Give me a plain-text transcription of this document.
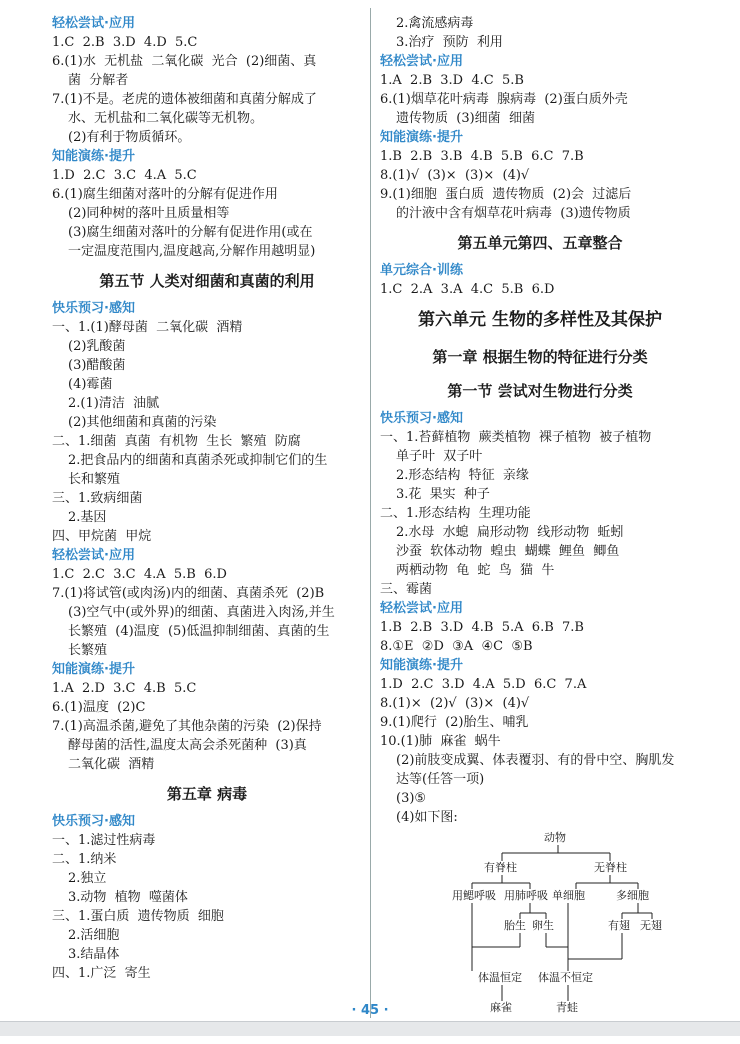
轻松尝试·应用
1.C  2.B  3.D  4.D  5.C
6.(1)水  无机盐  二氧化碳  光合  (2)细菌、真
菌  分解者
7.(1)不是。老虎的遗体被细菌和真菌分解成了
水、无机盐和二氧化碳等无机物。
(2)有利于物质循环。
知能演练·提升
1.D  2.C  3.C  4.A  5.C
6.(1)腐生细菌对落叶的分解有促进作用
(2)同种树的落叶且质量相等
(3)腐生细菌对落叶的分解有促进作用(或在
一定温度范围内,温度越高,分解作用越明显)
第五节 人类对细菌和真菌的利用
快乐预习·感知
一、1.(1)酵母菌  二氧化碳  酒精
(2)乳酸菌
(3)醋酸菌
(4)霉菌
2.(1)清洁  油腻
(2)其他细菌和真菌的污染
二、1.细菌  真菌  有机物  生长  繁殖  防腐
2.把食品内的细菌和真菌杀死或抑制它们的生
长和繁殖
三、1.致病细菌
2.基因
四、甲烷菌  甲烷
轻松尝试·应用
1.C  2.C  3.C  4.A  5.B  6.D
7.(1)将试管(或肉汤)内的细菌、真菌杀死  (2)B
(3)空气中(或外界)的细菌、真菌进入肉汤,并生
长繁殖  (4)温度  (5)低温抑制细菌、真菌的生
长繁殖
知能演练·提升
1.A  2.D  3.C  4.B  5.C
6.(1)温度  (2)C
7.(1)高温杀菌,避免了其他杂菌的污染  (2)保持
酵母菌的活性,温度太高会杀死菌种  (3)真
二氧化碳  酒精
第五章 病毒
快乐预习·感知
一、1.滤过性病毒
二、1.纳米
2.独立
3.动物  植物  噬菌体
三、1.蛋白质  遗传物质  细胞
2.活细胞
3.结晶体
四、1.广泛  寄生
2.禽流感病毒
3.治疗  预防  利用
轻松尝试·应用
1.A  2.B  3.D  4.C  5.B
6.(1)烟草花叶病毒  腺病毒  (2)蛋白质外壳
遗传物质  (3)细菌  细菌
知能演练·提升
1.B  2.B  3.B  4.B  5.B  6.C  7.B
8.(1)√  (3)×  (3)×  (4)√
9.(1)细胞  蛋白质  遗传物质  (2)会  过滤后
的汁液中含有烟草花叶病毒  (3)遗传物质
第五单元第四、五章整合
单元综合·训练
1.C  2.A  3.A  4.C  5.B  6.D
第六单元 生物的多样性及其保护
第一章 根据生物的特征进行分类
第一节 尝试对生物进行分类
快乐预习·感知
一、1.苔藓植物  蕨类植物  裸子植物  被子植物
单子叶  双子叶
2.形态结构  特征  亲缘
3.花  果实  种子
二、1.形态结构  生理功能
2.水母  水螅  扁形动物  线形动物  蚯蚓
沙蚕  软体动物  蝗虫  蝴蝶  鲤鱼  鲫鱼
两栖动物  龟  蛇  鸟  猫  牛
三、霉菌
轻松尝试·应用
1.B  2.B  3.D  4.B  5.A  6.B  7.B
8.①E  ②D  ③A  ④C  ⑤B
知能演练·提升
1.D  2.C  3.D  4.A  5.D  6.C  7.A
8.(1)×  (2)√  (3)×  (4)√
9.(1)爬行  (2)胎生、哺乳
10.(1)肺  麻雀  蜗牛
(2)前肢变成翼、体表覆羽、有的骨中空、胸肌发
达等(任答一项)
(3)⑤
(4)如下图:
动物
有脊柱	无脊柱
用鳃呼吸 用肺呼吸 单细胞	多细胞
胎生 卵生	有翅 无翅
体温恒定 体温不恒定
麻雀	青蛙
· 45 ·
